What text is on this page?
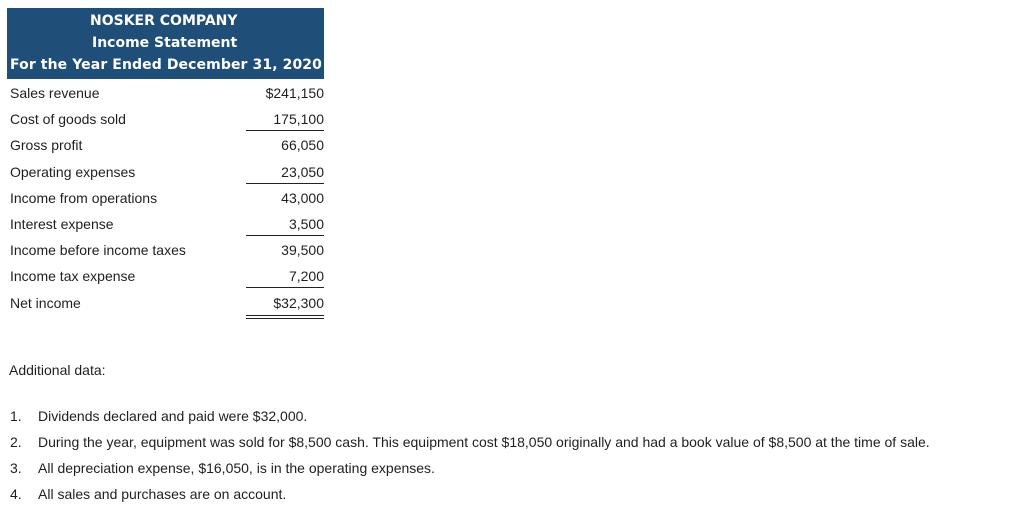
NOSKER COMPANY
Income Statement
For the Year Ended December 31, 2020
Sales revenue	$241,150
Cost of goods sold	175,100
Gross profit	66,050
Operating expenses	23,050
Income from operations	43,000
Interest expense	3,500
Income before income taxes	39,500
Income tax expense	7,200
Net income	$32,300
Additional data:
1. Dividends declared and paid were $32,000.
2. During the year, equipment was sold for $8,500 cash. This equipment cost $18,050 originally and had a book value of $8,500 at the time of sale.
3. All depreciation expense, $16,050, is in the operating expenses.
4. All sales and purchases are on account.
